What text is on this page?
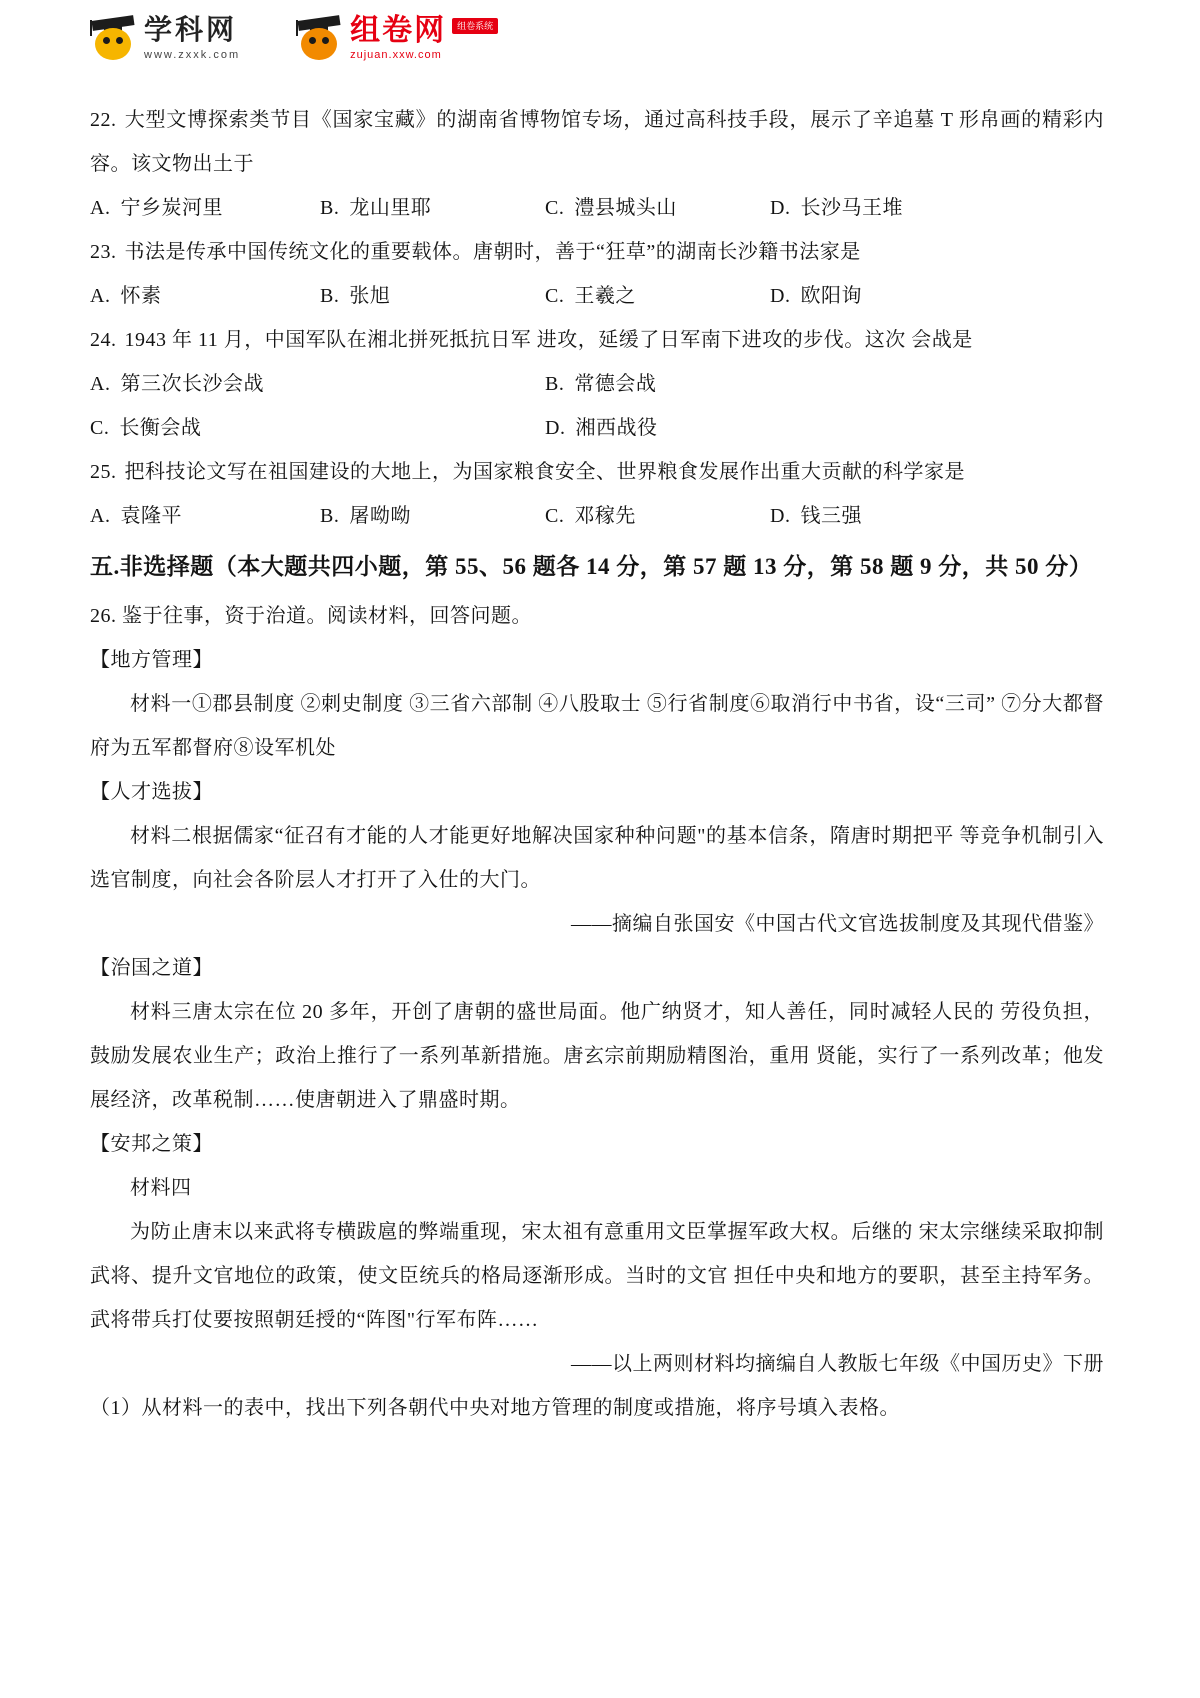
学科网
www.zxxk.com
组卷网	组卷系统
zujuan.xxw.com

22. 大型文博探索类节目《国家宝藏》的湖南省博物馆专场，通过高科技手段，展示了辛追墓 T 形帛画的精彩内容。该文物出土于

A. 宁乡炭河里	B. 龙山里耶	C. 澧县城头山	D. 长沙马王堆

23. 书法是传承中国传统文化的重要载体。唐朝时，善于“狂草”的湖南长沙籍书法家是

A. 怀素	B. 张旭	C. 王羲之	D. 欧阳询

24. 1943 年 11 月，中国军队在湘北拼死抵抗日军 进攻，延缓了日军南下进攻的步伐。这次 会战是

A. 第三次长沙会战	B. 常德会战
C. 长衡会战	D. 湘西战役

25. 把科技论文写在祖国建设的大地上，为国家粮食安全、世界粮食发展作出重大贡献的科学家是

A. 袁隆平	B. 屠呦呦	C. 邓稼先	D. 钱三强

五.非选择题（本大题共四小题，第 55、56 题各 14 分，第 57 题 13 分，第 58 题 9 分，共 50 分）

26. 鉴于往事，资于治道。阅读材料，回答问题。

【地方管理】

材料一①郡县制度 ②刺史制度 ③三省六部制 ④八股取士 ⑤行省制度⑥取消行中书省，设“三司” ⑦分大都督府为五军都督府⑧设军机处

【人才选拔】

材料二根据儒家“征召有才能的人才能更好地解决国家种种问题"的基本信条，隋唐时期把平 等竞争机制引入选官制度，向社会各阶层人才打开了入仕的大门。

——摘编自张国安《中国古代文官选拔制度及其现代借鉴》

【治国之道】

材料三唐太宗在位 20 多年，开创了唐朝的盛世局面。他广纳贤才，知人善任，同时减轻人民的 劳役负担，鼓励发展农业生产；政治上推行了一系列革新措施。唐玄宗前期励精图治，重用 贤能，实行了一系列改革；他发展经济，改革税制……使唐朝进入了鼎盛时期。

【安邦之策】

材料四

为防止唐末以来武将专横跋扈的弊端重现，宋太祖有意重用文臣掌握军政大权。后继的 宋太宗继续采取抑制武将、提升文官地位的政策，使文臣统兵的格局逐渐形成。当时的文官 担任中央和地方的要职，甚至主持军务。武将带兵打仗要按照朝廷授的“阵图"行军布阵……

——以上两则材料均摘编自人教版七年级《中国历史》下册

（1）从材料一的表中，找出下列各朝代中央对地方管理的制度或措施，将序号填入表格。
